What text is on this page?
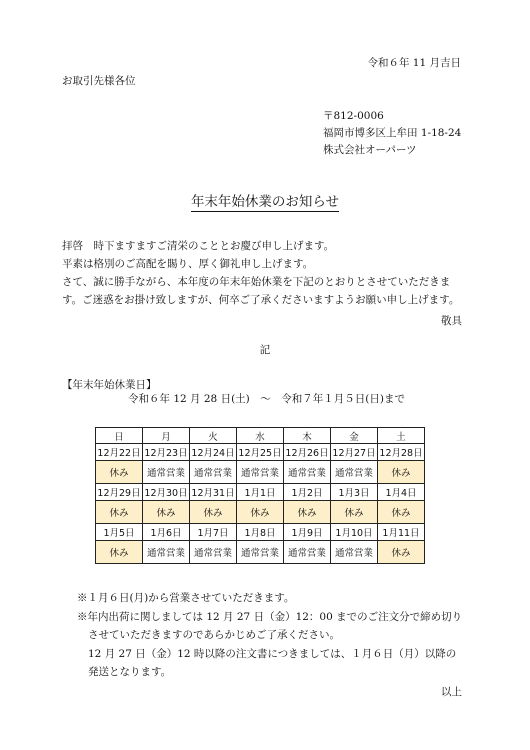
令和６年 11 月吉日
お取引先様各位
〒812-0006
福岡市博多区上牟田 1-18-24
株式会社オーパーツ
年末年始休業のお知らせ
拝啓　時下ますますご清栄のこととお慶び申し上げます。
平素は格別のご高配を賜り、厚く御礼申し上げます。
さて、誠に勝手ながら、本年度の年末年始休業を下記のとおりとさせていただきま
す。ご迷惑をお掛け致しますが、何卒ご了承くださいますようお願い申し上げます。
敬具
記
【年末年始休業日】
令和６年 12 月 28 日(土)　～　令和７年１月５日(日)まで
日	月	火	水	木	金	土
12月22日	12月23日	12月24日	12月25日	12月26日	12月27日	12月28日
休み	通常営業	通常営業	通常営業	通常営業	通常営業	休み
12月29日	12月30日	12月31日	1月1日	1月2日	1月3日	1月4日
休み	休み	休み	休み	休み	休み	休み
1月5日	1月6日	1月7日	1月8日	1月9日	1月10日	1月11日
休み	通常営業	通常営業	通常営業	通常営業	通常営業	休み
※１月６日(月)から営業させていただきます。
※年内出荷に関しましては 12 月 27 日（金）12：00 までのご注文分で締め切り
させていただきますのであらかじめご了承ください。
12 月 27 日（金）12 時以降の注文書につきましては、１月６日（月）以降の
発送となります。
以上
